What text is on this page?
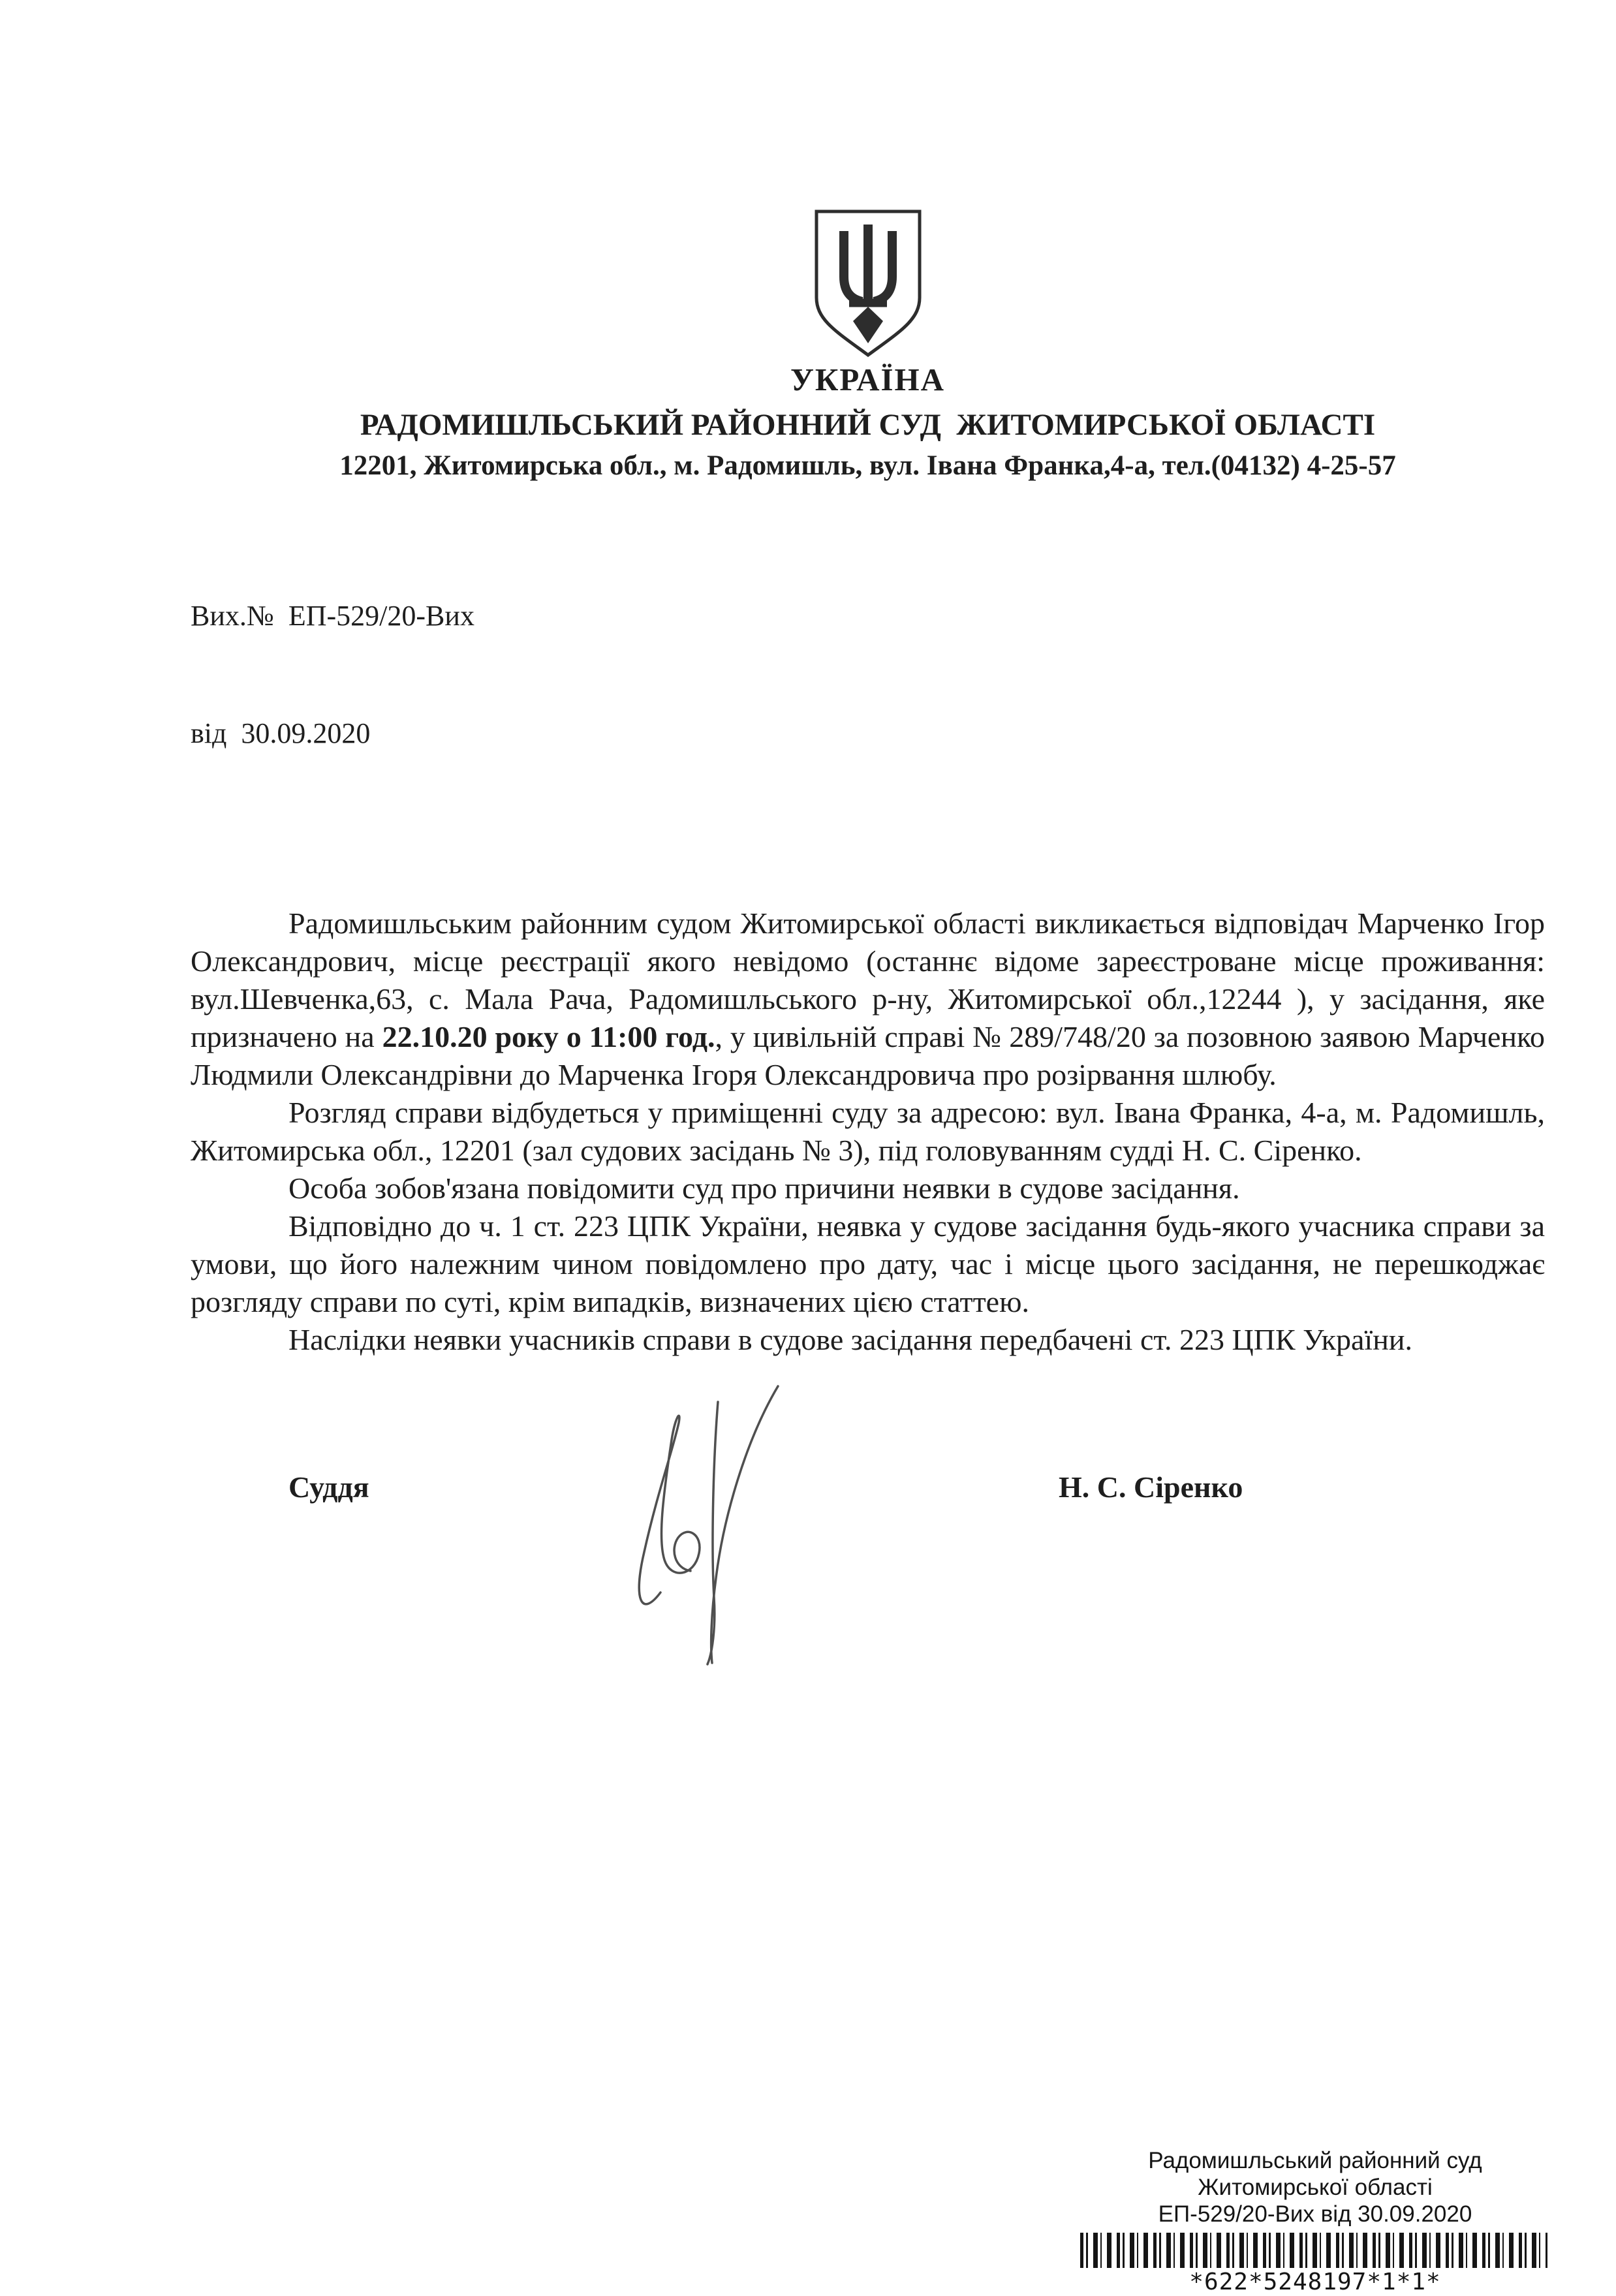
УКРАЇНА
РАДОМИШЛЬСЬКИЙ РАЙОННИЙ СУД  ЖИТОМИРСЬКОЇ ОБЛАСТІ
12201, Житомирська обл., м. Радомишль, вул. Івана Франка,4-а, тел.(04132) 4-25-57

Вих.№  ЕП-529/20-Вих

від  30.09.2020

Радомишльським районним судом Житомирської області викликається відповідач Марченко Ігор Олександрович, місце реєстрації якого невідомо (останнє відоме зареєстроване місце проживання: вул.Шевченка,63, с. Мала Рача, Радомишльського р-ну, Житомирської обл.,12244 ), у засідання, яке призначено на 22.10.20 року о 11:00 год., у цивільній справі № 289/748/20 за позовною заявою Марченко Людмили Олександрівни до Марченка Ігоря Олександровича про розірвання шлюбу.

Розгляд справи відбудеться у приміщенні суду за адресою: вул. Івана Франка, 4-а, м. Радомишль, Житомирська обл., 12201 (зал судових засідань № 3), під головуванням судді Н. С. Сіренко.

Особа зобов'язана повідомити суд про причини неявки в судове засідання.

Відповідно до ч. 1 ст. 223 ЦПК України, неявка у судове засідання будь-якого учасника справи за умови, що його належним чином повідомлено про дату, час і місце цього засідання, не перешкоджає розгляду справи по суті, крім випадків, визначених цією статтею.

Наслідки неявки учасників справи в судове засідання передбачені ст. 223 ЦПК України.

Суддя	Н. С. Сіренко
Радомишльський районний суд
Житомирської області
ЕП-529/20-Вих від 30.09.2020
*622*5248197*1*1*
